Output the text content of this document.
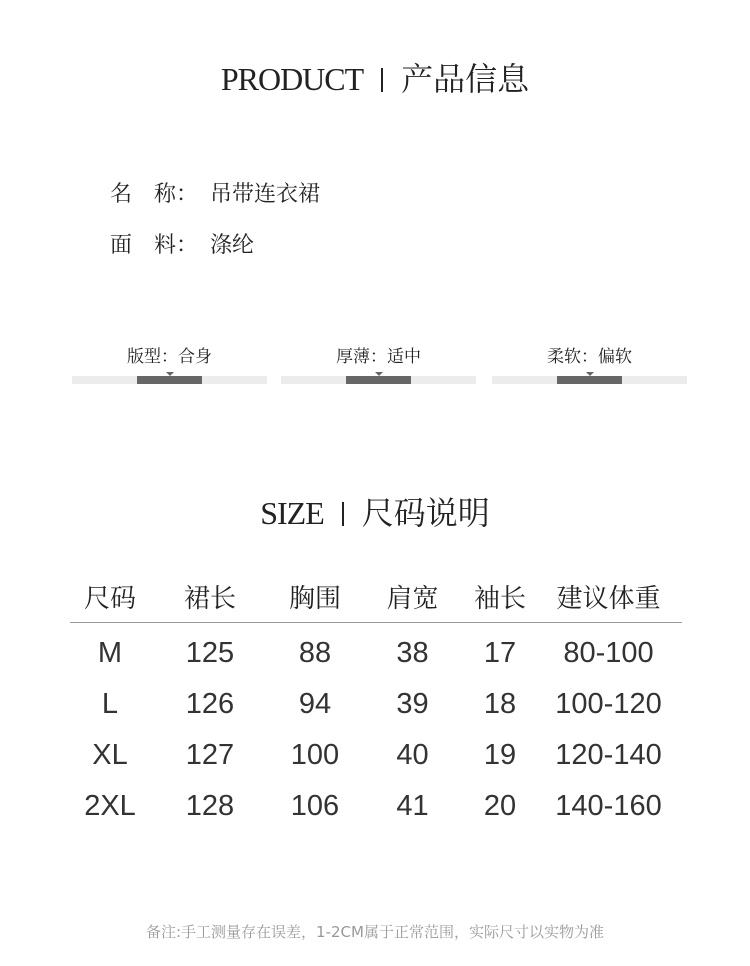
PRODUCT 产品信息
名　称： 吊带连衣裙
面　料： 涤纶
版型：合身	厚薄：适中	柔软：偏软
SIZE 尺码说明
尺码	裙长	胸围	肩宽	袖长	建议体重
M	125	88	38	17	80-100
L	126	94	39	18	100-120
XL	127	100	40	19	120-140
2XL	128	106	41	20	140-160
备注:手工测量存在误差，1-2CM属于正常范围，实际尺寸以实物为准
